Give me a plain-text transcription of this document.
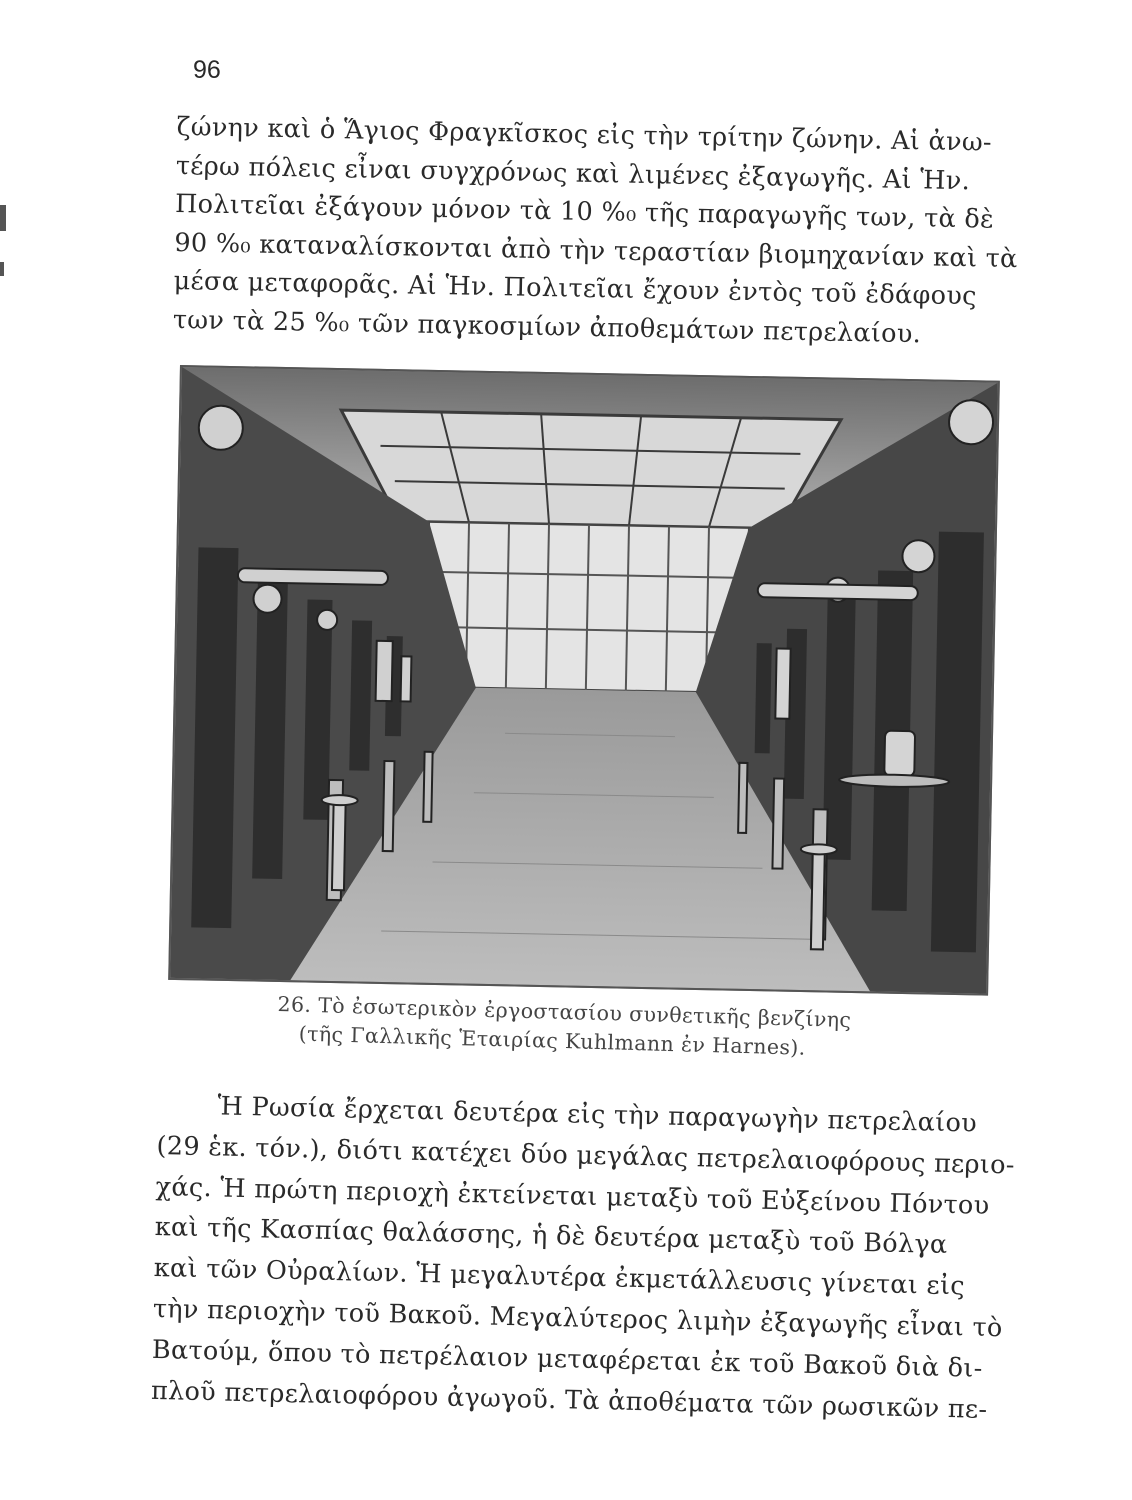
96
ζώνην καὶ ὁ Ἅγιος Φραγκῖσκος εἰς τὴν τρίτην ζώνην. Αἱ ἀνω-
τέρω πόλεις εἶναι συγχρόνως καὶ λιμένες ἐξαγωγῆς. Αἱ Ἡν.
Πολιτεῖαι ἐξάγουν μόνον τὰ 10 %₀ τῆς παραγωγῆς των, τὰ δὲ
90 %₀ καταναλίσκονται ἀπὸ τὴν τεραστίαν βιομηχανίαν καὶ τὰ
μέσα μεταφορᾶς. Αἱ Ἡν. Πολιτεῖαι ἔχουν ἐντὸς τοῦ ἐδάφους
των τὰ 25 %₀ τῶν παγκοσμίων ἀποθεμάτων πετρελαίου.
26. Τὸ ἐσωτερικὸν ἐργοστασίου συνθετικῆς βενζίνης
(τῆς Γαλλικῆς Ἑταιρίας Kuhlmann ἐν Harnes).
Ἡ Ρωσία ἔρχεται δευτέρα εἰς τὴν παραγωγὴν πετρελαίου
(29 ἑκ. τόν.), διότι κατέχει δύο μεγάλας πετρελαιοφόρους περιο-
χάς. Ἡ πρώτη περιοχὴ ἐκτείνεται μεταξὺ τοῦ Εὐξείνου Πόντου
καὶ τῆς Κασπίας θαλάσσης, ἡ δὲ δευτέρα μεταξὺ τοῦ Βόλγα
καὶ τῶν Οὐραλίων. Ἡ μεγαλυτέρα ἐκμετάλλευσις γίνεται εἰς
τὴν περιοχὴν τοῦ Βακοῦ. Μεγαλύτερος λιμὴν ἐξαγωγῆς εἶναι τὸ
Βατούμ, ὅπου τὸ πετρέλαιον μεταφέρεται ἐκ τοῦ Βακοῦ διὰ δι-
πλοῦ πετρελαιοφόρου ἀγωγοῦ. Τὰ ἀποθέματα τῶν ρωσικῶν πε-
